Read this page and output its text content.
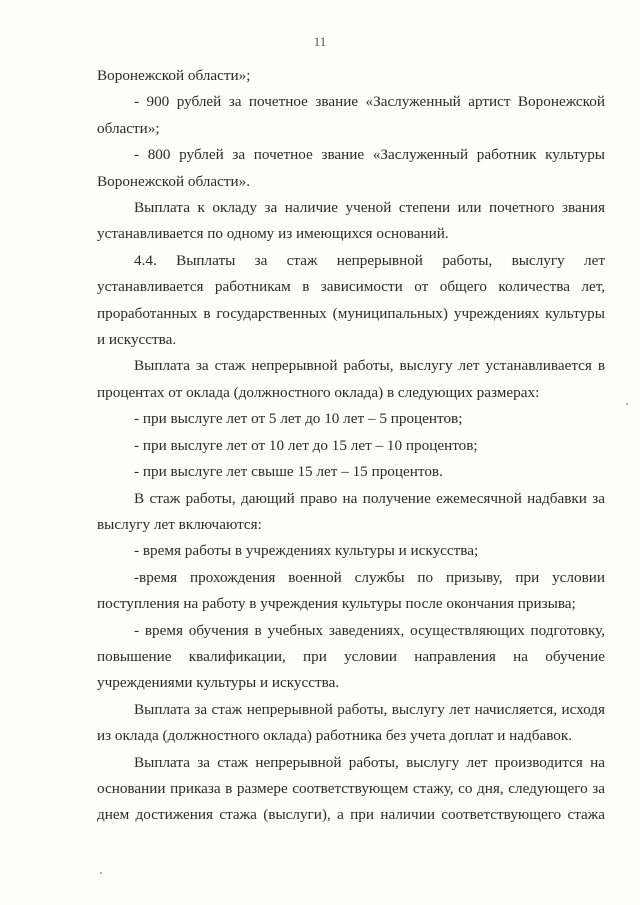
11

Воронежской области»;

- 900 рублей за почетное звание «Заслуженный артист Воронежской области»;

- 800 рублей за почетное звание «Заслуженный работник культуры Воронежской области».

Выплата к окладу за наличие ученой степени или почетного звания устанавливается по одному из имеющихся оснований.

4.4. Выплаты за стаж непрерывной работы, выслугу лет устанавливается работникам в зависимости от общего количества лет, проработанных в государственных (муниципальных) учреждениях культуры и искусства.

Выплата за стаж непрерывной работы, выслугу лет устанавливается в процентах от оклада (должностного оклада) в следующих размерах:

- при выслуге лет от 5 лет до 10 лет – 5 процентов;

- при выслуге лет от 10 лет до 15 лет – 10 процентов;

- при выслуге лет свыше 15 лет – 15 процентов.

В стаж работы, дающий право на получение ежемесячной надбавки за выслугу лет включаются:

- время работы в учреждениях культуры и искусства;

-время прохождения военной службы по призыву, при условии поступления на работу в учреждения культуры после окончания призыва;

- время обучения в учебных заведениях, осуществляющих подготовку, повышение квалификации, при условии направления на обучение учреждениями культуры и искусства.

Выплата за стаж непрерывной работы, выслугу лет начисляется, исходя из оклада (должностного оклада) работника без учета доплат и надбавок.

Выплата за стаж непрерывной работы, выслугу лет производится на основании приказа в размере соответствующем стажу, со дня, следующего за днем достижения стажа (выслуги), а при наличии соответствующего стажа
